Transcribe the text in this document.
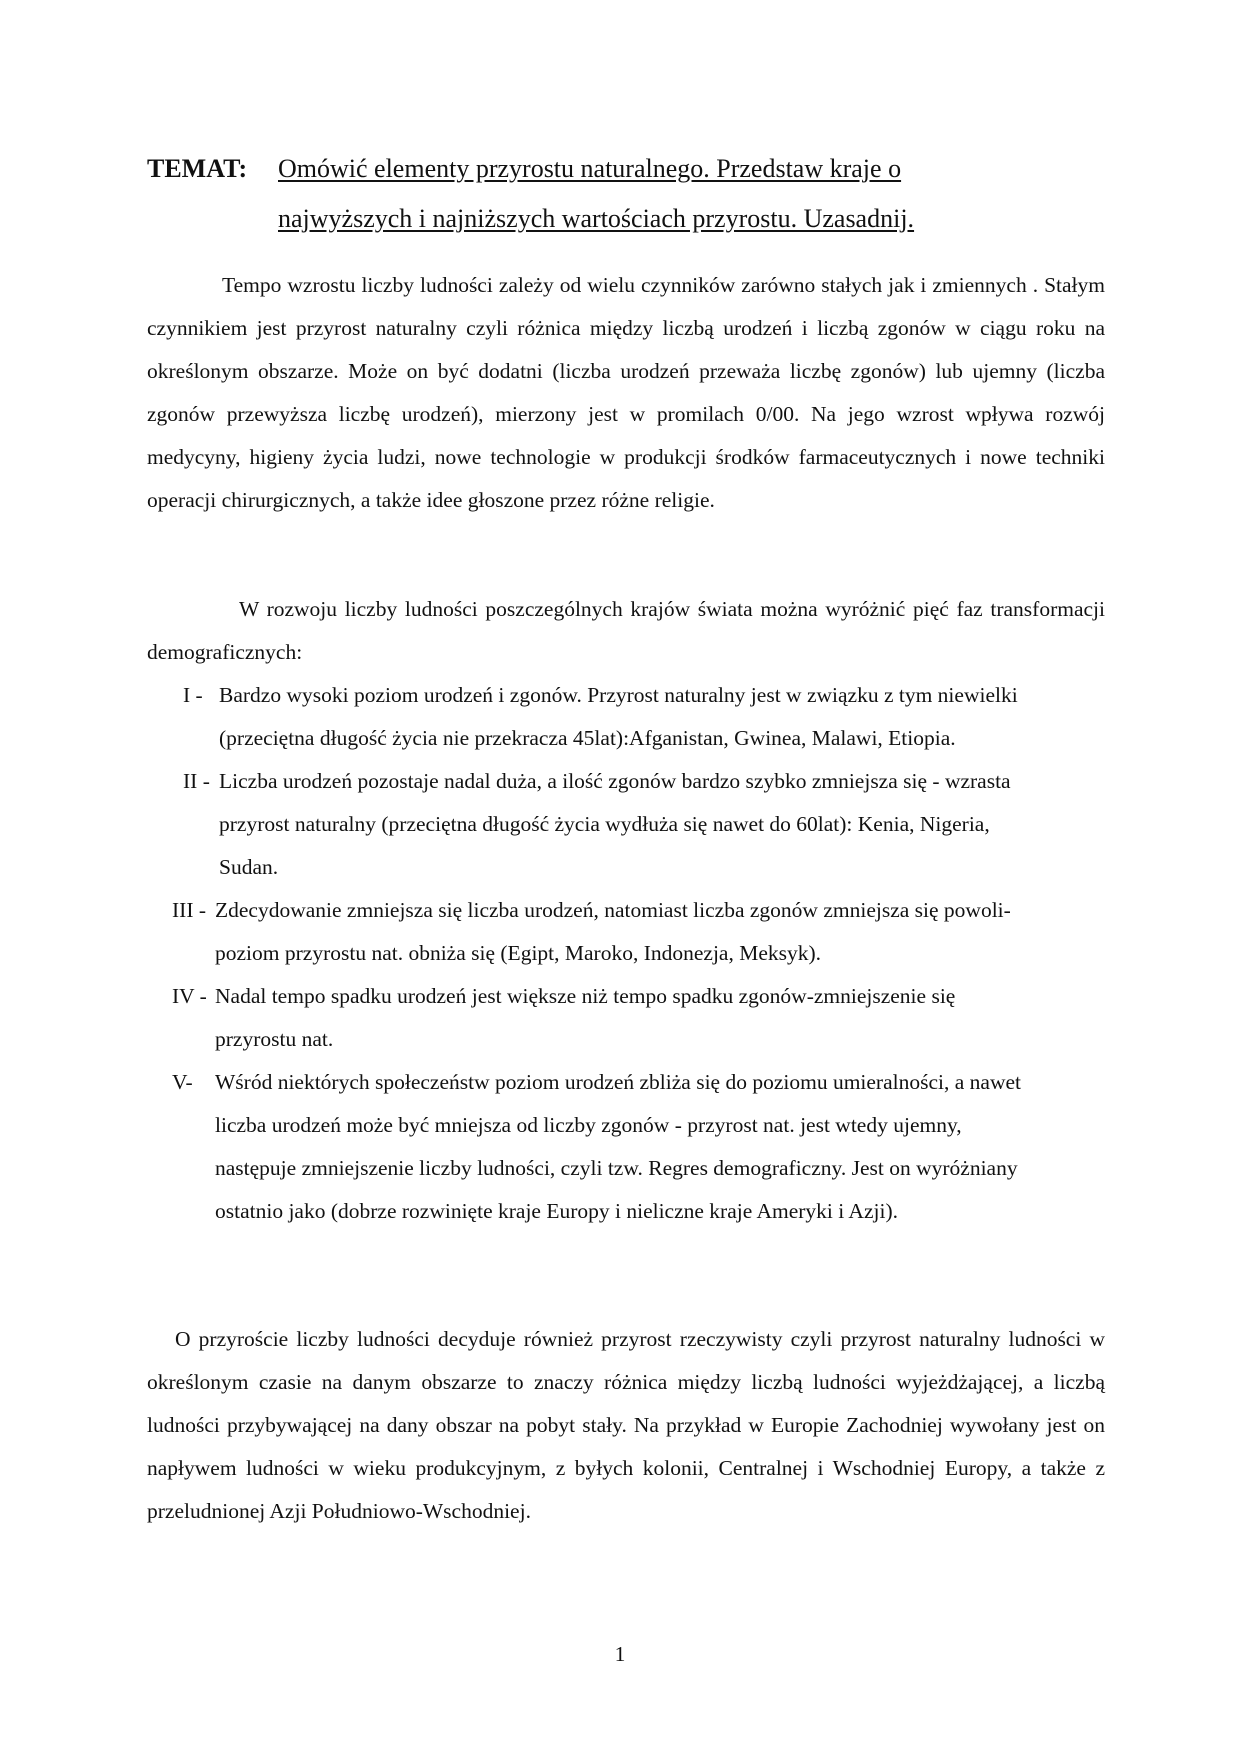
TEMAT: Omówić elementy przyrostu naturalnego. Przedstaw kraje o
najwyższych i najniższych wartościach przyrostu. Uzasadnij.

Tempo wzrostu liczby ludności zależy od wielu czynników zarówno stałych jak i zmiennych . Stałym czynnikiem jest przyrost naturalny czyli różnica między liczbą urodzeń i liczbą zgonów w ciągu roku na określonym obszarze. Może on być dodatni (liczba urodzeń przeważa liczbę zgonów) lub ujemny (liczba zgonów przewyższa liczbę urodzeń), mierzony jest w promilach 0/00. Na jego wzrost wpływa rozwój medycyny, higieny życia ludzi, nowe technologie w produkcji środków farmaceutycznych i nowe techniki operacji chirurgicznych, a także idee głoszone przez różne religie.

W rozwoju liczby ludności poszczególnych krajów świata można wyróżnić pięć faz transformacji demograficznych:

I - Bardzo wysoki poziom urodzeń i zgonów. Przyrost naturalny jest w związku z tym niewielki (przeciętna długość życia nie przekracza 45lat):Afganistan, Gwinea, Malawi, Etiopia.
II - Liczba urodzeń pozostaje nadal duża, a ilość zgonów bardzo szybko zmniejsza się - wzrasta przyrost naturalny (przeciętna długość życia wydłuża się nawet do 60lat): Kenia, Nigeria, Sudan.
III - Zdecydowanie zmniejsza się liczba urodzeń, natomiast liczba zgonów zmniejsza się powoli-poziom przyrostu nat. obniża się (Egipt, Maroko, Indonezja, Meksyk).
IV - Nadal tempo spadku urodzeń jest większe niż tempo spadku zgonów-zmniejszenie się przyrostu nat.
V-	Wśród niektórych społeczeństw poziom urodzeń zbliża się do poziomu umieralności, a nawet liczba urodzeń może być mniejsza od liczby zgonów - przyrost nat. jest wtedy ujemny, następuje zmniejszenie liczby ludności, czyli tzw. Regres demograficzny. Jest on wyróżniany ostatnio jako (dobrze rozwinięte kraje Europy i nieliczne kraje Ameryki i Azji).

O przyroście liczby ludności decyduje również przyrost rzeczywisty czyli przyrost naturalny ludności w określonym czasie na danym obszarze to znaczy różnica między liczbą ludności wyjeżdżającej, a liczbą ludności przybywającej na dany obszar na pobyt stały. Na przykład w Europie Zachodniej wywołany jest on napływem ludności w wieku produkcyjnym, z byłych kolonii, Centralnej i Wschodniej Europy, a także z przeludnionej Azji Południowo-Wschodniej.

1
